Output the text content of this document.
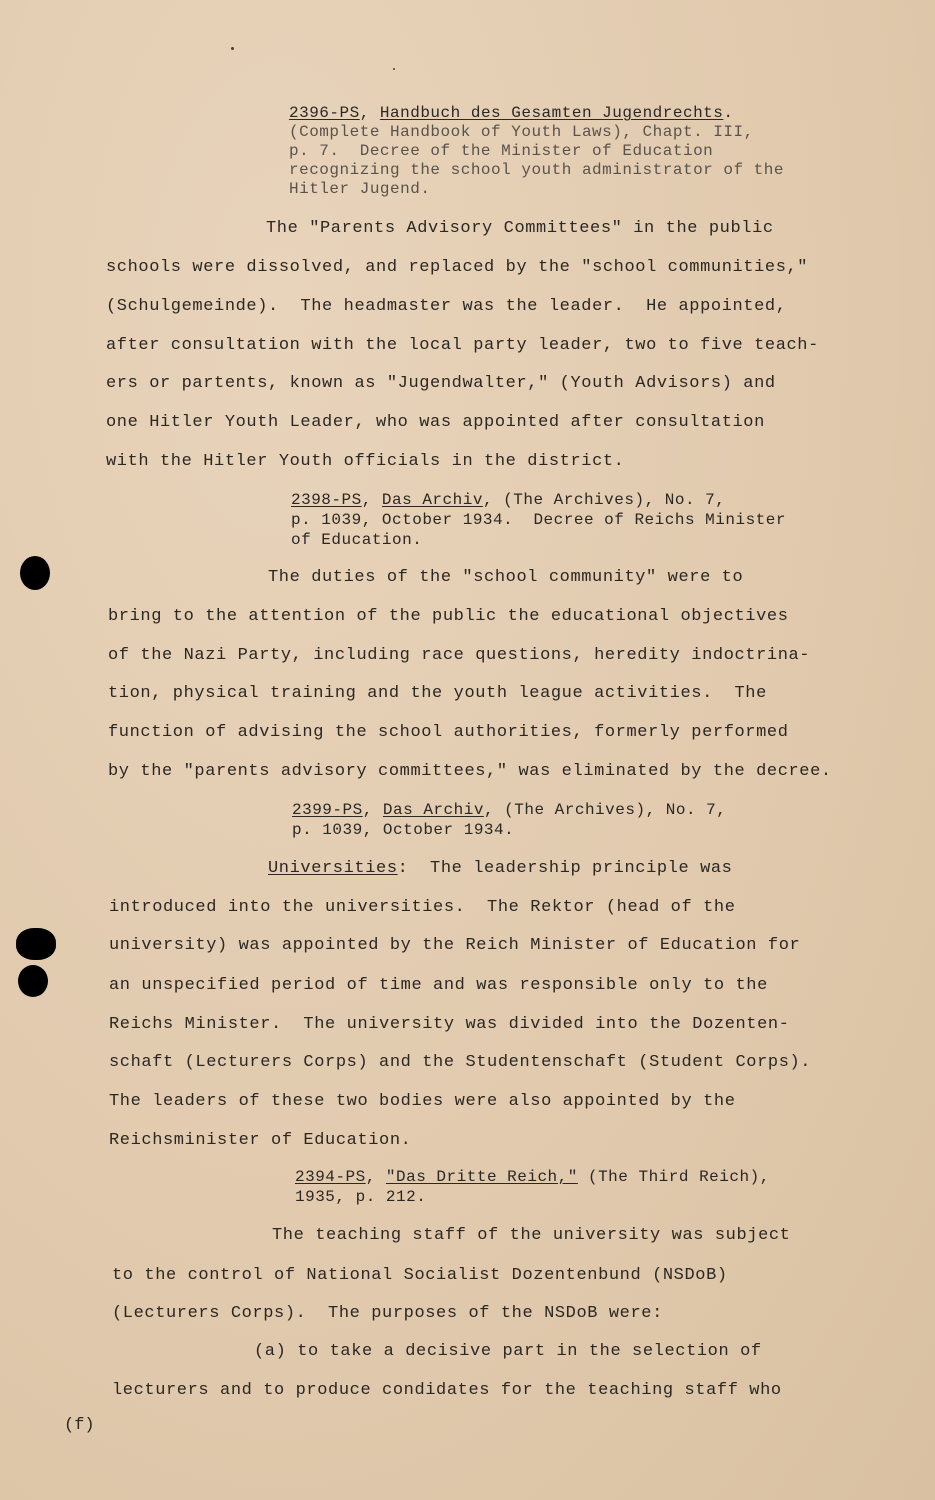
2396-PS, Handbuch des Gesamten Jugendrechts.
(Complete Handbook of Youth Laws), Chapt. III,
p. 7.  Decree of the Minister of Education
recognizing the school youth administrator of the
Hitler Jugend.
The "Parents Advisory Committees" in the public
schools were dissolved, and replaced by the "school communities,"
(Schulgemeinde).  The headmaster was the leader.  He appointed,
after consultation with the local party leader, two to five teach-
ers or partents, known as "Jugendwalter," (Youth Advisors) and
one Hitler Youth Leader, who was appointed after consultation
with the Hitler Youth officials in the district.
2398-PS, Das Archiv, (The Archives), No. 7,
p. 1039, October 1934.  Decree of Reichs Minister
of Education.
The duties of the "school community" were to
bring to the attention of the public the educational objectives
of the Nazi Party, including race questions, heredity indoctrina-
tion, physical training and the youth league activities.  The
function of advising the school authorities, formerly performed
by the "parents advisory committees," was eliminated by the decree.
2399-PS, Das Archiv, (The Archives), No. 7,
p. 1039, October 1934.
Universities:  The leadership principle was
introduced into the universities.  The Rektor (head of the
university) was appointed by the Reich Minister of Education for
an unspecified period of time and was responsible only to the
Reichs Minister.  The university was divided into the Dozenten-
schaft (Lecturers Corps) and the Studentenschaft (Student Corps).
The leaders of these two bodies were also appointed by the
Reichsminister of Education.
2394-PS, "Das Dritte Reich," (The Third Reich),
1935, p. 212.
The teaching staff of the university was subject
to the control of National Socialist Dozentenbund (NSDoB)
(Lecturers Corps).  The purposes of the NSDoB were:
(a) to take a decisive part in the selection of
lecturers and to produce condidates for the teaching staff who
(f)
